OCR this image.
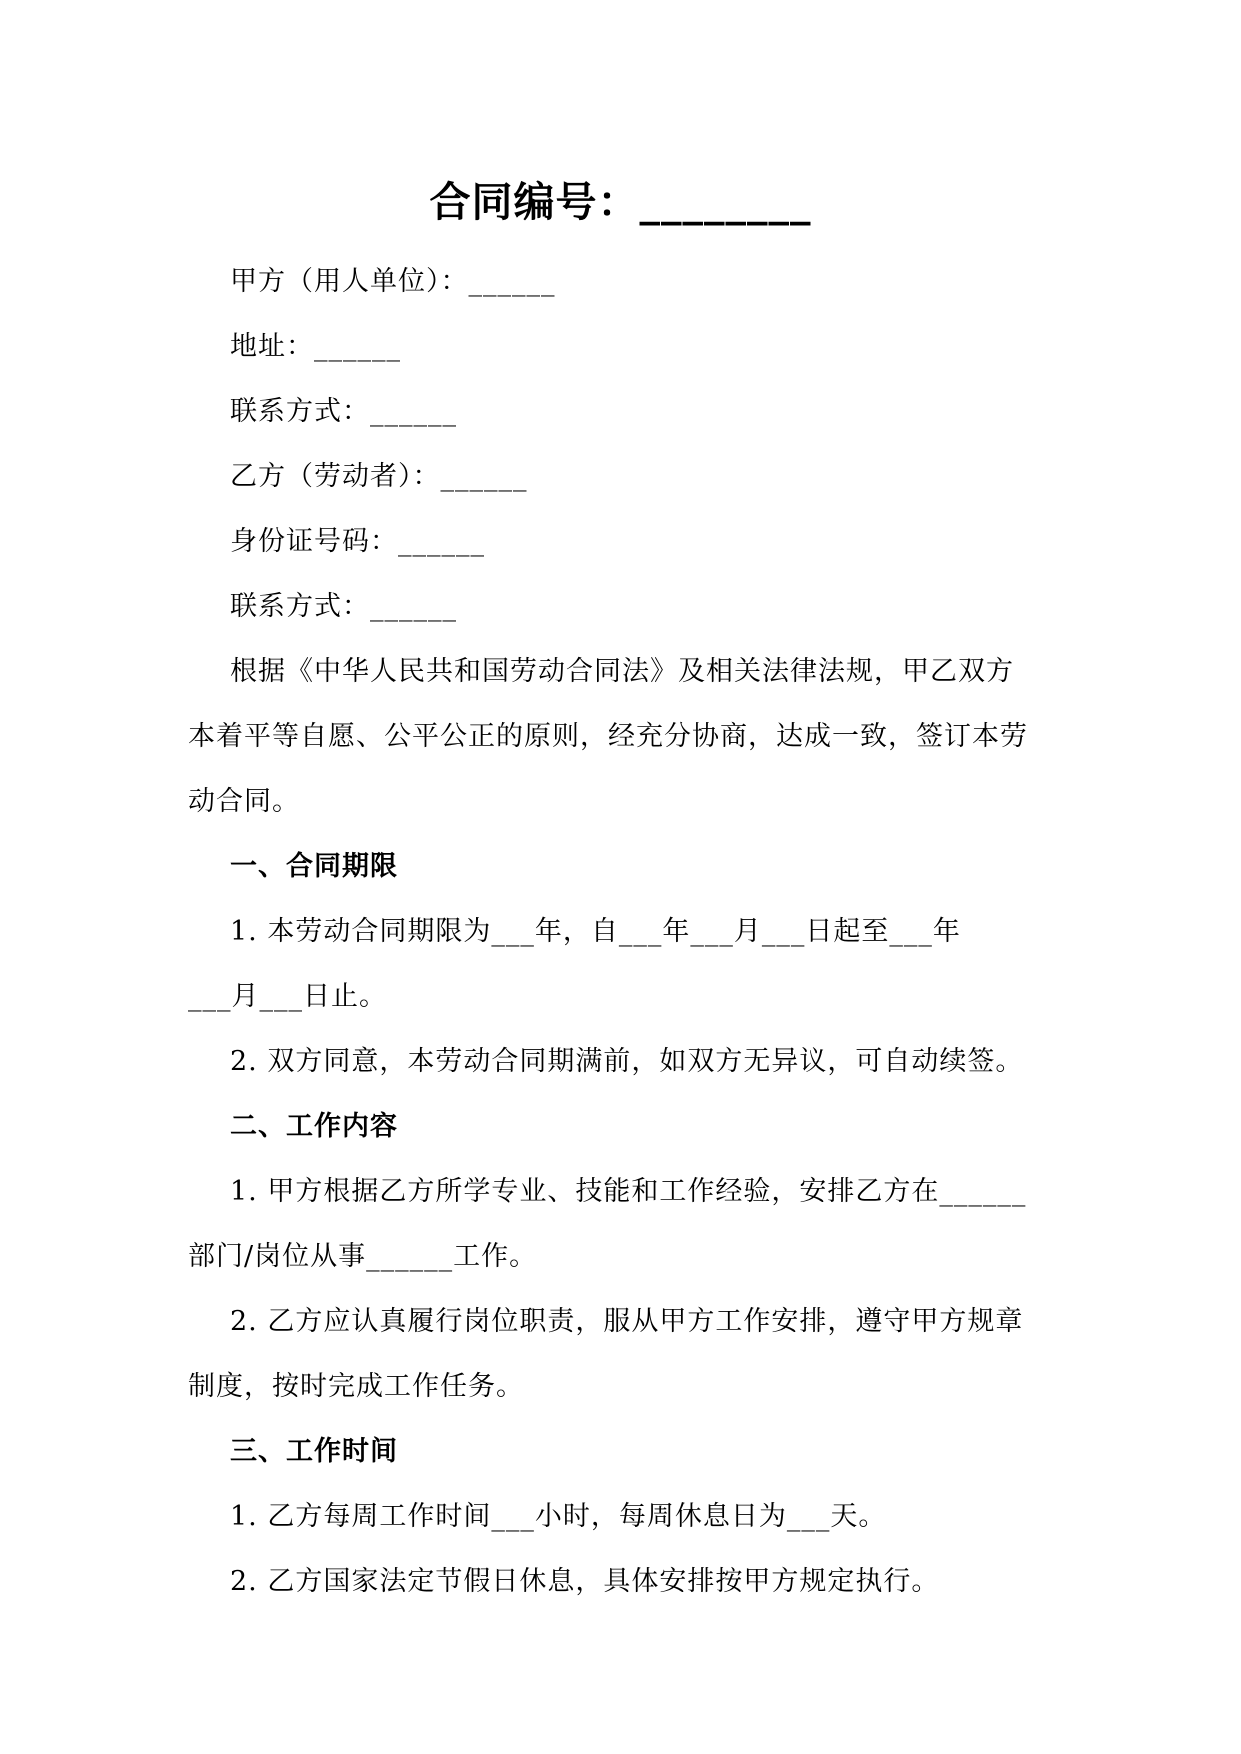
合同编号：________
甲方（用人单位）：______
地址：______
联系方式：______
乙方（劳动者）：______
身份证号码：______
联系方式：______
根据《中华人民共和国劳动合同法》及相关法律法规，甲乙双方
本着平等自愿、公平公正的原则，经充分协商，达成一致，签订本劳
动合同。
一、合同期限
1. 本劳动合同期限为___年，自___年___月___日起至___年
___月___日止。
2. 双方同意，本劳动合同期满前，如双方无异议，可自动续签。
二、工作内容
1. 甲方根据乙方所学专业、技能和工作经验，安排乙方在______
部门/岗位从事______工作。
2. 乙方应认真履行岗位职责，服从甲方工作安排，遵守甲方规章
制度，按时完成工作任务。
三、工作时间
1. 乙方每周工作时间___小时，每周休息日为___天。
2. 乙方国家法定节假日休息，具体安排按甲方规定执行。
